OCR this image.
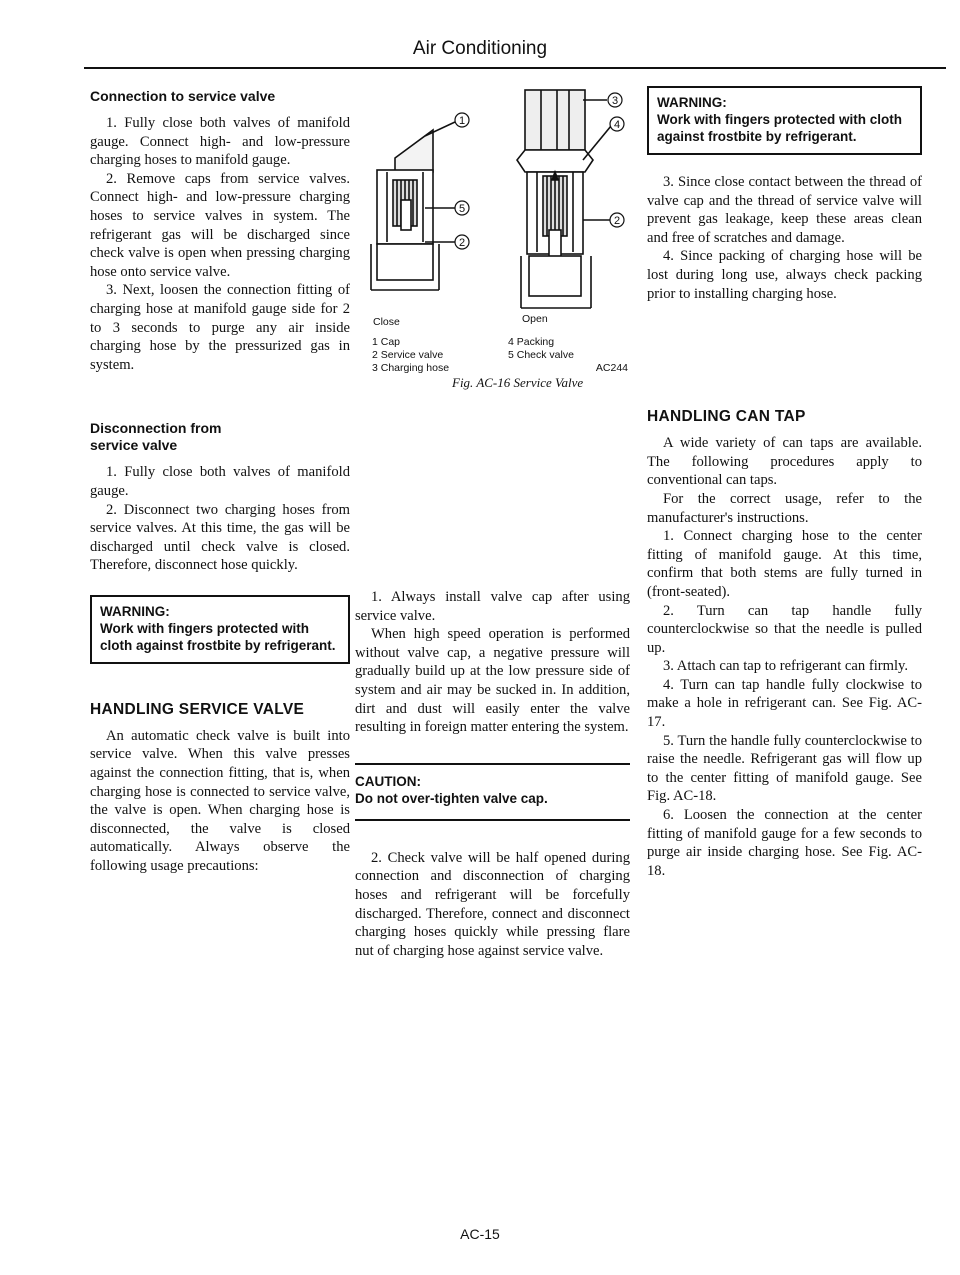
Air Conditioning
Connection to service valve
1. Fully close both valves of manifold gauge. Connect high- and low-pressure charging hoses to manifold gauge.
2. Remove caps from service valves. Connect high- and low-pressure charging hoses to service valves in system. The refrigerant gas will be discharged since check valve is open when pressing charging hose onto service valve.
3. Next, loosen the connection fitting of charging hose at manifold gauge side for 2 to 3 seconds to purge any air inside charging hose by the pressurized gas in system.
Disconnection from
service valve
1. Fully close both valves of manifold gauge.
2. Disconnect two charging hoses from service valves. At this time, the gas will be discharged until check valve is closed. Therefore, disconnect hose quickly.
WARNING:
Work with fingers protected with cloth against frostbite by refrigerant.
HANDLING SERVICE VALVE
An automatic check valve is built into service valve. When this valve presses against the connection fitting, that is, when charging hose is connected to service valve, the valve is open. When charging hose is disconnected, the valve is closed automatically. Always observe the following usage precautions:
1
5
2
3
4
2
Close	Open
1 Cap
2 Service valve
3 Charging hose
4 Packing
5 Check valve
AC244
Fig. AC-16 Service Valve
1. Always install valve cap after using service valve.
When high speed operation is performed without valve cap, a negative pressure will gradually build up at the low pressure side of system and air may be sucked in. In addition, dirt and dust will easily enter the valve resulting in foreign matter entering the system.
CAUTION:
Do not over-tighten valve cap.
2. Check valve will be half opened during connection and disconnection of charging hoses and refrigerant will be forcefully discharged. Therefore, connect and disconnect charging hoses quickly while pressing flare nut of charging hose against service valve.
WARNING:
Work with fingers protected with cloth against frostbite by refrigerant.
3. Since close contact between the thread of valve cap and the thread of service valve will prevent gas leakage, keep these areas clean and free of scratches and damage.
4. Since packing of charging hose will be lost during long use, always check packing prior to installing charging hose.
HANDLING CAN TAP
A wide variety of can taps are available. The following procedures apply to conventional can taps.
For the correct usage, refer to the manufacturer's instructions.
1. Connect charging hose to the center fitting of manifold gauge. At this time, confirm that both stems are fully turned in (front-seated).
2. Turn can tap handle fully counterclockwise so that the needle is pulled up.
3. Attach can tap to refrigerant can firmly.
4. Turn can tap handle fully clockwise to make a hole in refrigerant can. See Fig. AC-17.
5. Turn the handle fully counterclockwise to raise the needle. Refrigerant gas will flow up to the center fitting of manifold gauge. See Fig. AC-18.
6. Loosen the connection at the center fitting of manifold gauge for a few seconds to purge air inside charging hose. See Fig. AC-18.
AC-15
